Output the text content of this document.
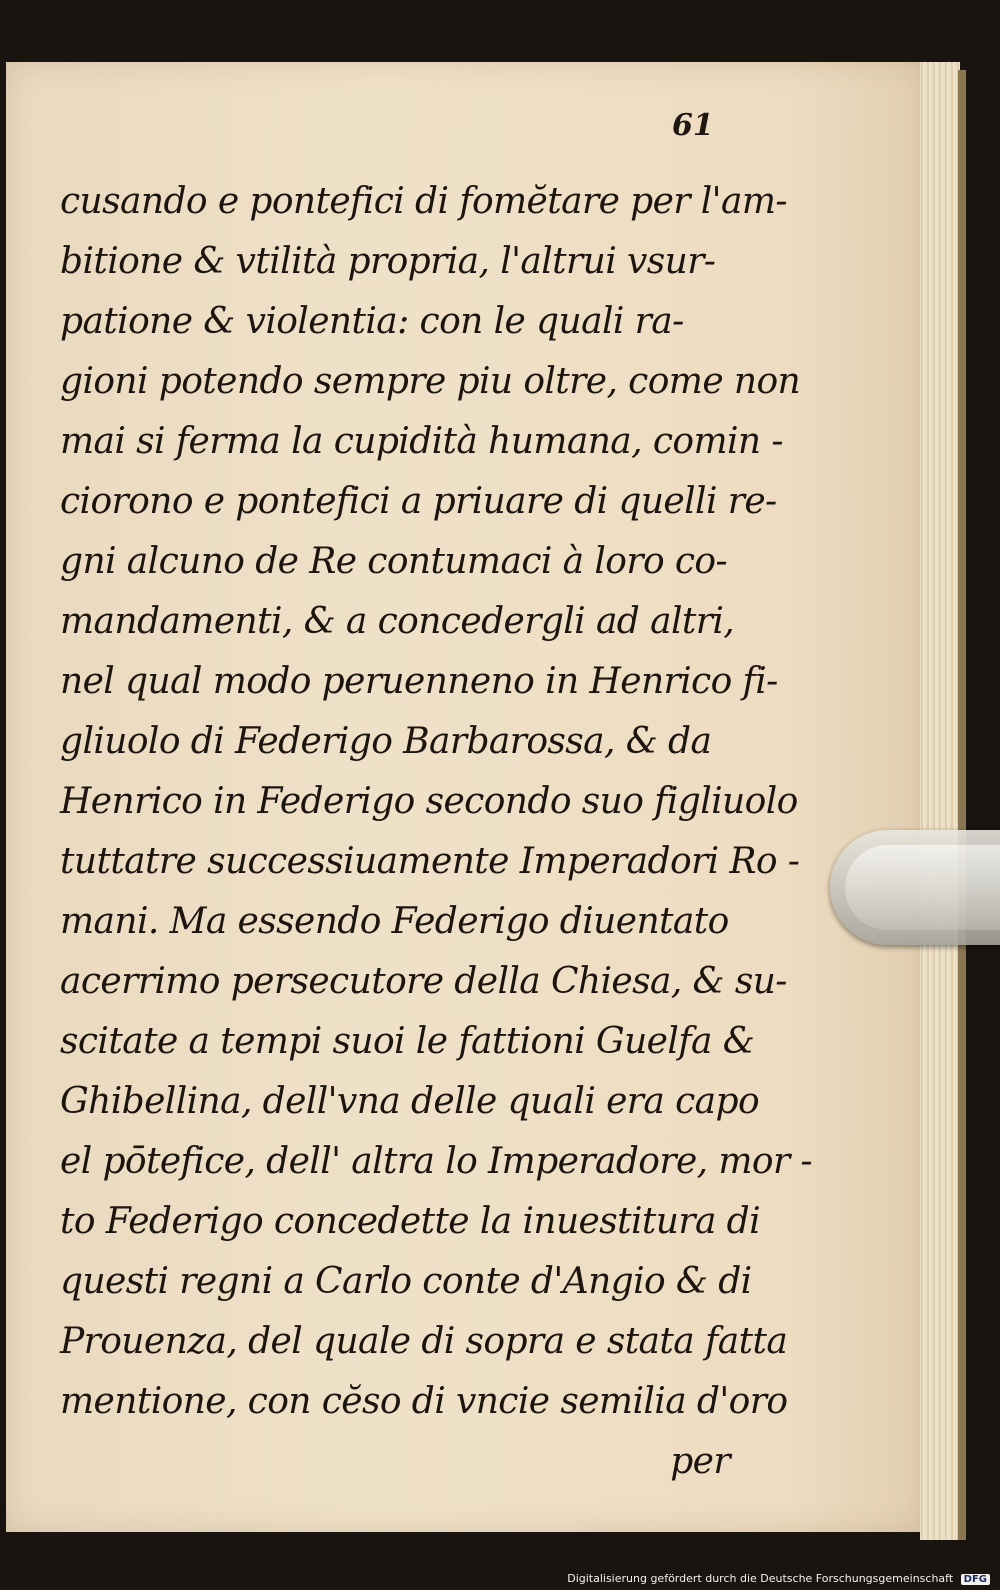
61
cusando e pontefici di fomĕtare per l'am-
bitione & vtilità propria, l'altrui vsur-
patione & violentia: con le quali ra-
gioni potendo sempre piu oltre, come non
mai si ferma la cupidità humana, comin -
ciorono e pontefici a priuare di quelli re-
gni alcuno de Re contumaci à loro co-
mandamenti, & a concedergli ad altri,
nel qual modo peruenneno in Henrico fi-
gliuolo di Federigo Barbarossa, & da
Henrico in Federigo secondo suo figliuolo
tuttatre successiuamente Imperadori Ro -
mani. Ma essendo Federigo diuentato
acerrimo persecutore della Chiesa, & su-
scitate a tempi suoi le fattioni Guelfa &
Ghibellina, dell'vna delle quali era capo
el pōtefice, dell' altra lo Imperadore, mor -
to Federigo concedette la inuestitura di
questi regni a Carlo conte d'Angio & di
Prouenza, del quale di sopra e stata fatta
mentione, con cĕso di vncie semilia d'oro
per
Digitalisierung gefördert durch die Deutsche Forschungsgemeinschaft DFG
